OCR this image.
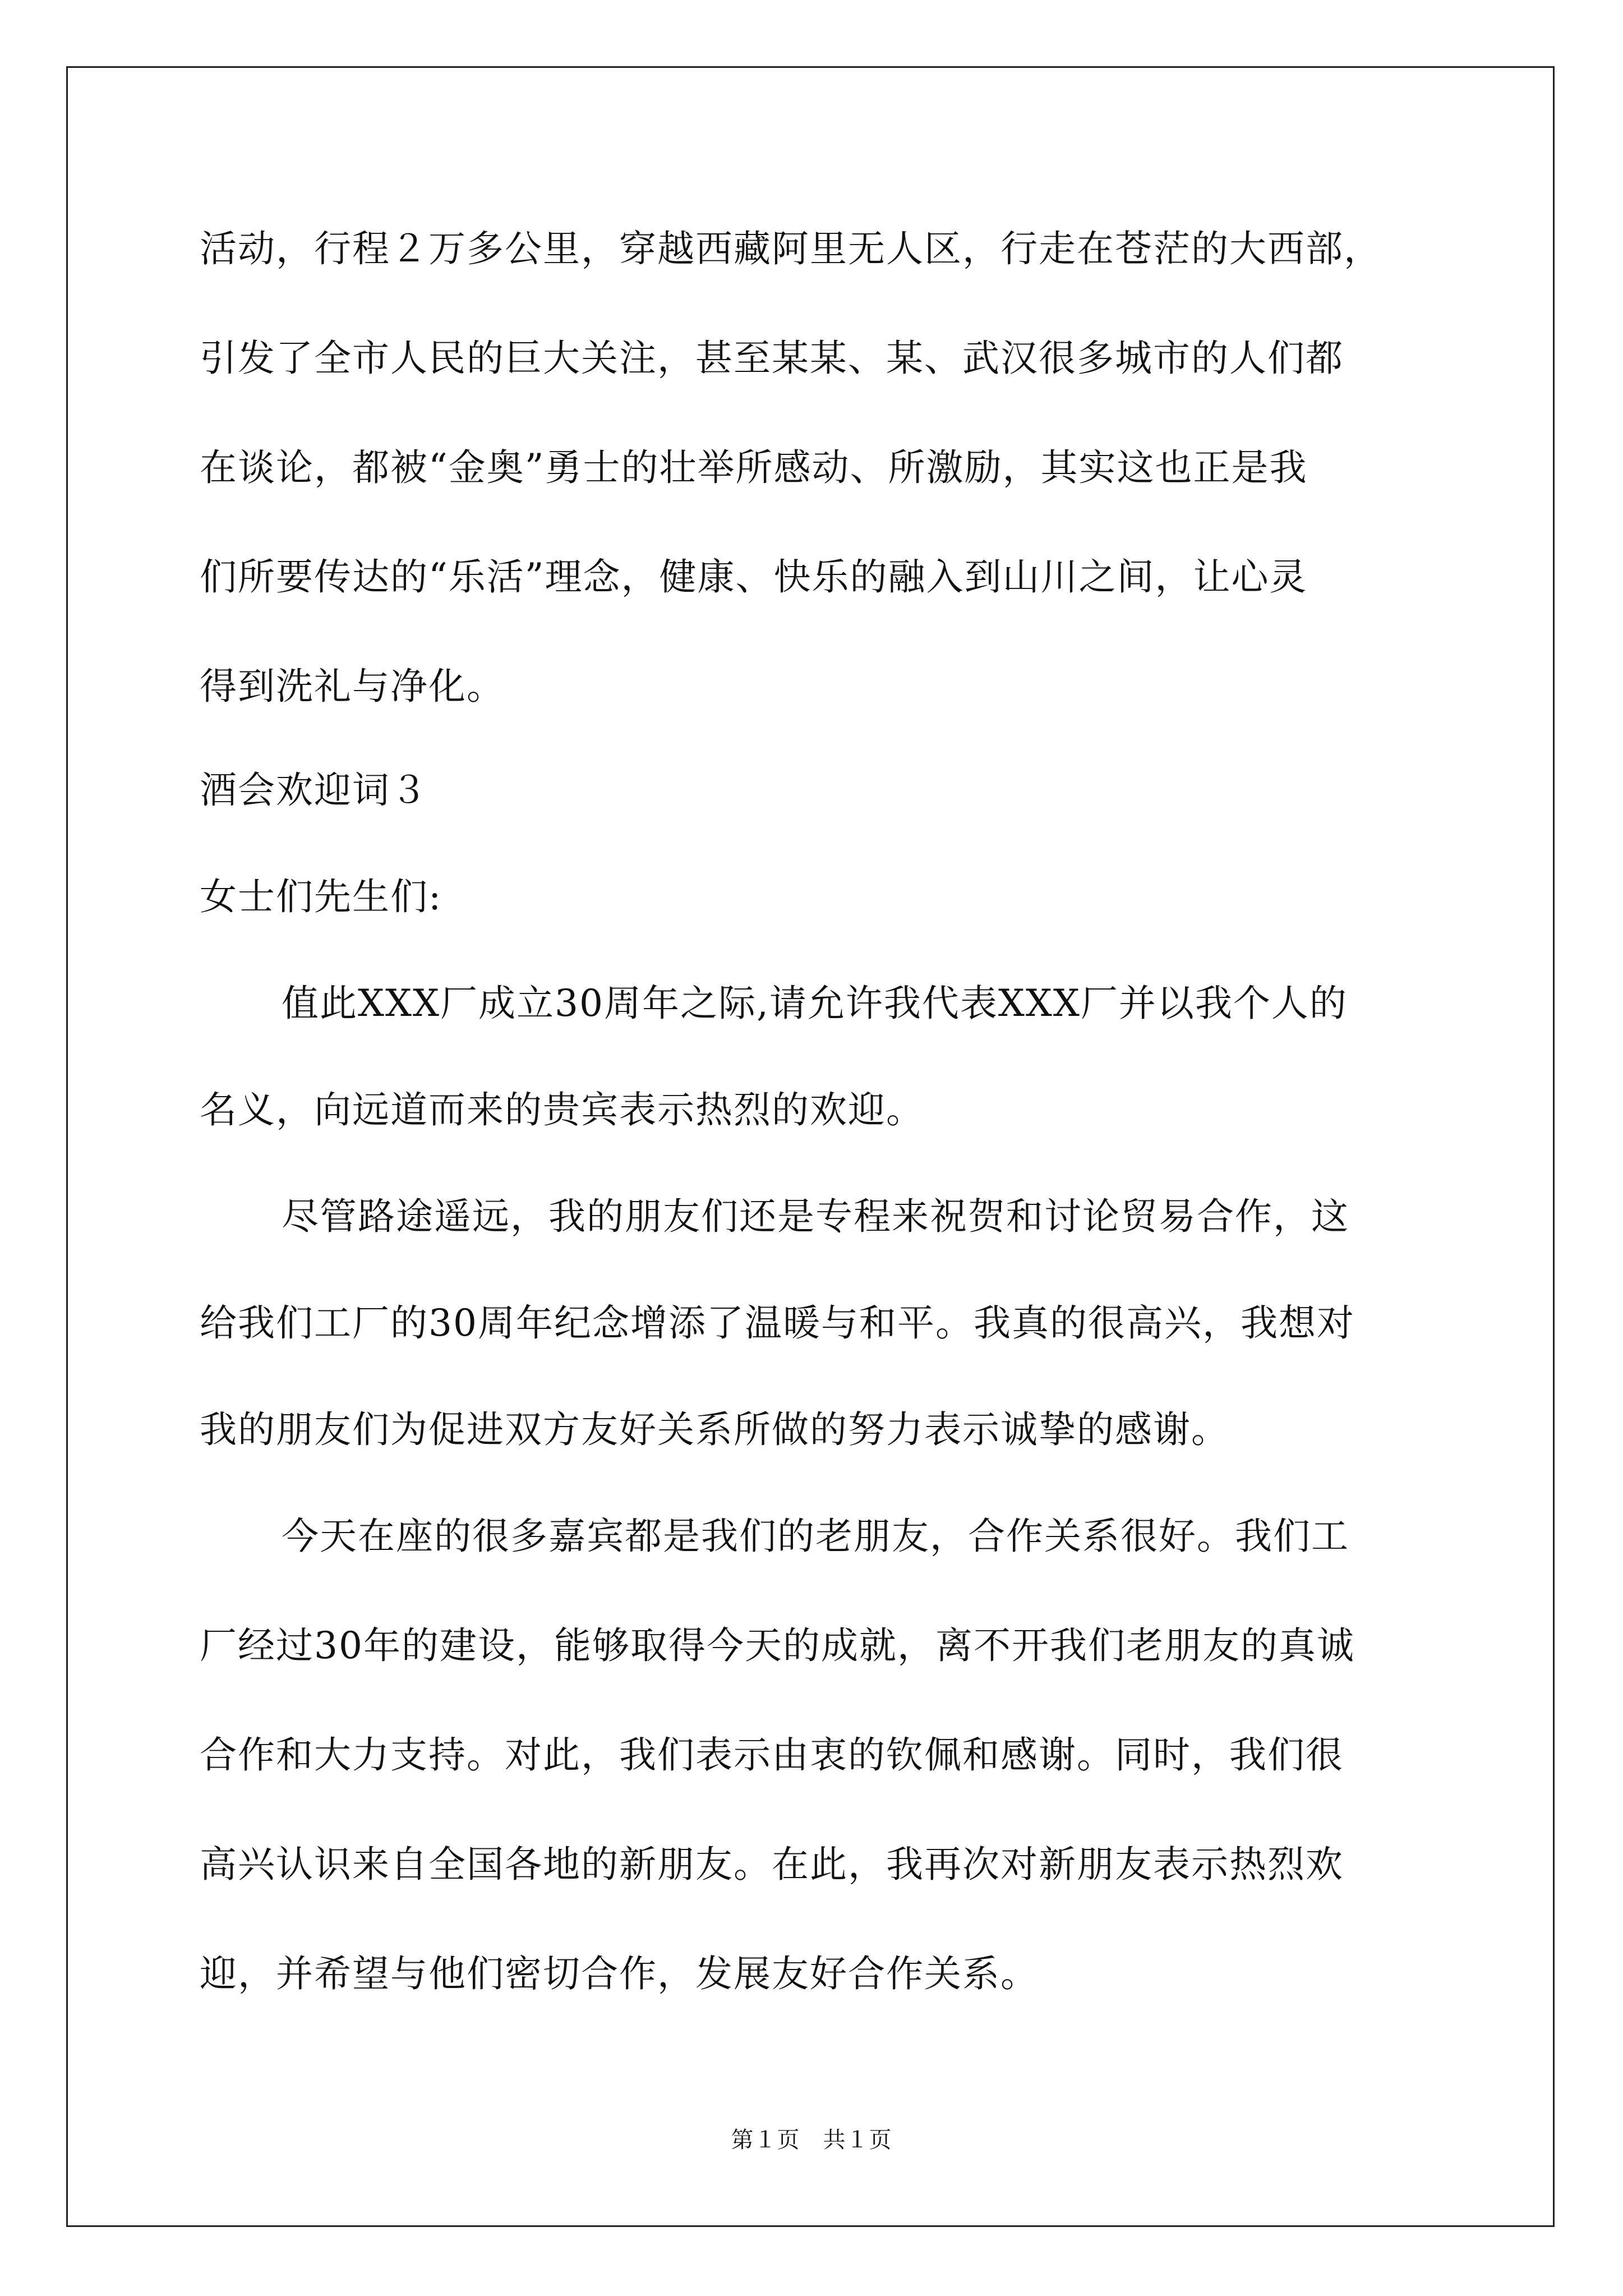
活动，行程２万多公里，穿越西藏阿里无人区，行走在苍茫的大西部，
引发了全市人民的巨大关注，甚至某某、某、武汉很多城市的人们都
在谈论，都被“金奥”勇士的壮举所感动、所激励，其实这也正是我
们所要传达的“乐活”理念，健康、快乐的融入到山川之间，让心灵
得到洗礼与净化。
酒会欢迎词３
女士们先生们:
值此XXX厂成立30周年之际,请允许我代表XXX厂并以我个人的
名义，向远道而来的贵宾表示热烈的欢迎。
尽管路途遥远，我的朋友们还是专程来祝贺和讨论贸易合作，这
给我们工厂的30周年纪念增添了温暖与和平。我真的很高兴，我想对
我的朋友们为促进双方友好关系所做的努力表示诚挚的感谢。
今天在座的很多嘉宾都是我们的老朋友，合作关系很好。我们工
厂经过30年的建设，能够取得今天的成就，离不开我们老朋友的真诚
合作和大力支持。对此，我们表示由衷的钦佩和感谢。同时，我们很
高兴认识来自全国各地的新朋友。在此，我再次对新朋友表示热烈欢
迎，并希望与他们密切合作，发展友好合作关系。
第１页　共１页
